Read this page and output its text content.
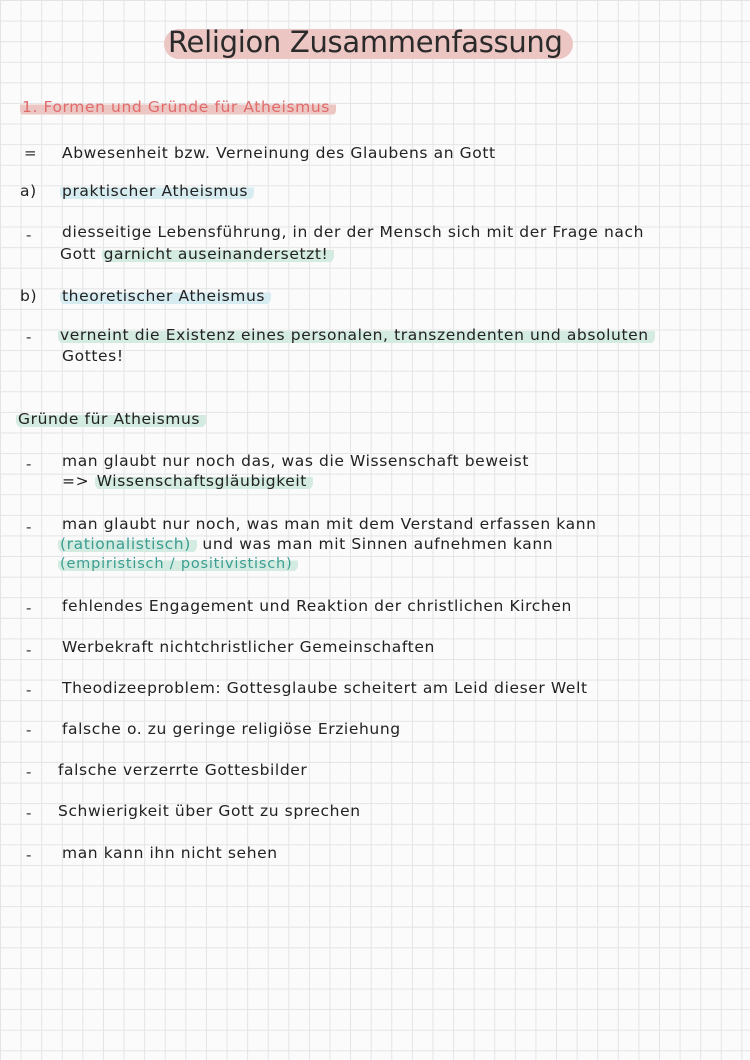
Religion Zusammenfassung
1. Formen und Gründe für Atheismus
= Abwesenheit bzw. Verneinung des Glaubens an Gott
a) praktischer Atheismus
- diesseitige Lebensführung, in der der Mensch sich mit der Frage nach
Gott garnicht auseinandersetzt!
b) theoretischer Atheismus
- verneint die Existenz eines personalen, transzendenten und absoluten
Gottes!
Gründe für Atheismus
- man glaubt nur noch das, was die Wissenschaft beweist
=> Wissenschaftsgläubigkeit
- man glaubt nur noch, was man mit dem Verstand erfassen kann
(rationalistisch) und was man mit Sinnen aufnehmen kann
(empiristisch / positivistisch)
- fehlendes Engagement und Reaktion der christlichen Kirchen
- Werbekraft nichtchristlicher Gemeinschaften
- Theodizeeproblem: Gottesglaube scheitert am Leid dieser Welt
- falsche o. zu geringe religiöse Erziehung
- falsche verzerrte Gottesbilder
- Schwierigkeit über Gott zu sprechen
- man kann ihn nicht sehen
